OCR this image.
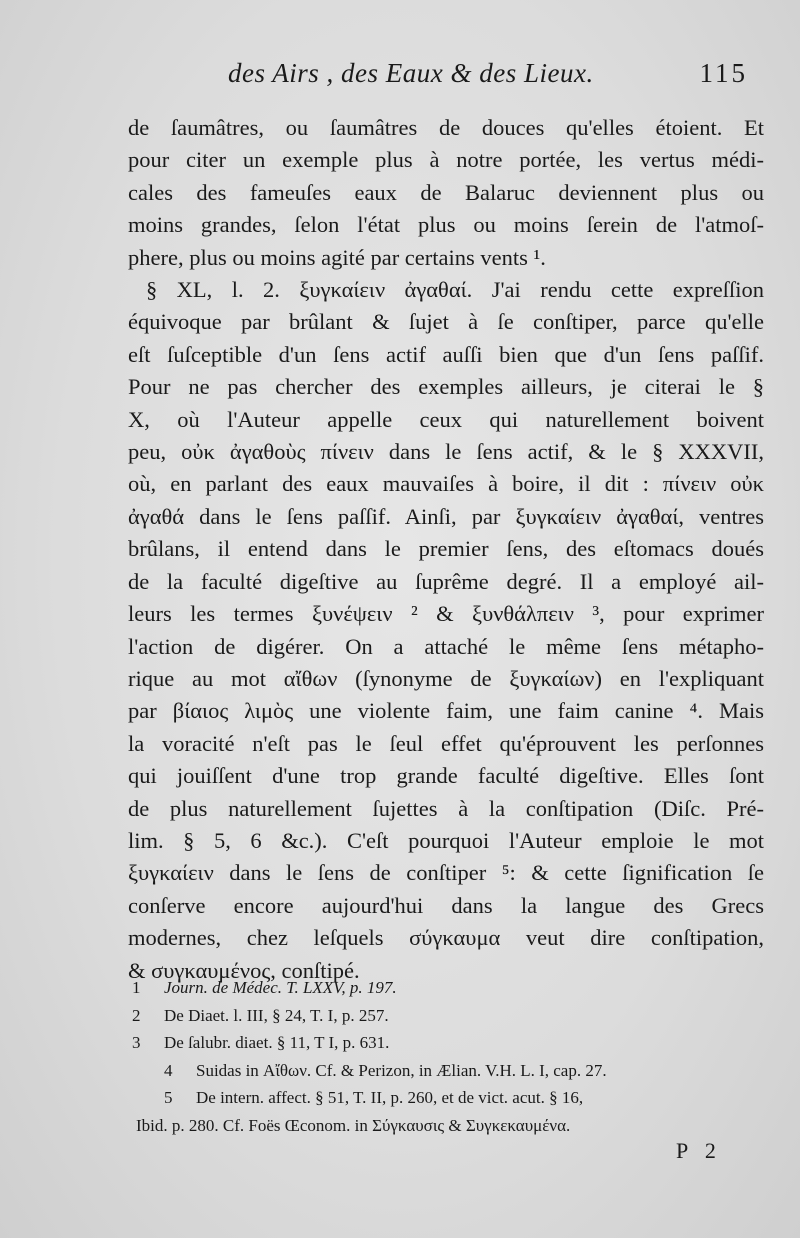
des Airs , des Eaux & des Lieux.	115
de ſaumâtres, ou ſaumâtres de douces qu'elles étoient. Et
pour citer un exemple plus à notre portée, les vertus médi-
cales des fameuſes eaux de Balaruc deviennent plus ou
moins grandes, ſelon l'état plus ou moins ſerein de l'atmoſ-
phere, plus ou moins agité par certains vents ¹.
§ XL, l. 2. ξυγκαίειν ἀγαθαί. J'ai rendu cette expreſſion
équivoque par brûlant & ſujet à ſe conſtiper, parce qu'elle
eſt ſuſceptible d'un ſens actif auſſi bien que d'un ſens paſſif.
Pour ne pas chercher des exemples ailleurs, je citerai le §
X, où l'Auteur appelle ceux qui naturellement boivent
peu, οὐκ ἀγαθοὺς πίνειν dans le ſens actif, & le § XXXVII,
où, en parlant des eaux mauvaiſes à boire, il dit : πίνειν οὐκ
ἀγαθά dans le ſens paſſif. Ainſi, par ξυγκαίειν ἀγαθαί, ventres
brûlans, il entend dans le premier ſens, des eſtomacs doués
de la faculté digeſtive au ſuprême degré. Il a employé ail-
leurs les termes ξυνέψειν ² & ξυνθάλπειν ³, pour exprimer
l'action de digérer. On a attaché le même ſens métapho-
rique au mot αἴθων (ſynonyme de ξυγκαίων) en l'expliquant
par βίαιος λιμὸς une violente faim, une faim canine ⁴. Mais
la voracité n'eſt pas le ſeul effet qu'éprouvent les perſonnes
qui jouiſſent d'une trop grande faculté digeſtive. Elles ſont
de plus naturellement ſujettes à la conſtipation (Diſc. Pré-
lim. § 5, 6 &c.). C'eſt pourquoi l'Auteur emploie le mot
ξυγκαίειν dans le ſens de conſtiper ⁵: & cette ſignification ſe
conſerve encore aujourd'hui dans la langue des Grecs
modernes, chez leſquels σύγκαυμα veut dire conſtipation,
& συγκαυμένος, conſtipé.
1 Journ. de Médec. T. LXXV, p. 197.
2 De Diaet. l. III, § 24, T. I, p. 257.
3 De ſalubr. diaet. § 11, T I, p. 631.
4 Suidas in Αἴθων. Cf. & Perizon, in Ælian. V.H. L. I, cap. 27.
5 De intern. affect. § 51, T. II, p. 260, et de vict. acut. § 16,
Ibid. p. 280. Cf. Foës Œconom. in Σύγκαυσις & Συγκεκαυμένα.
P 2
